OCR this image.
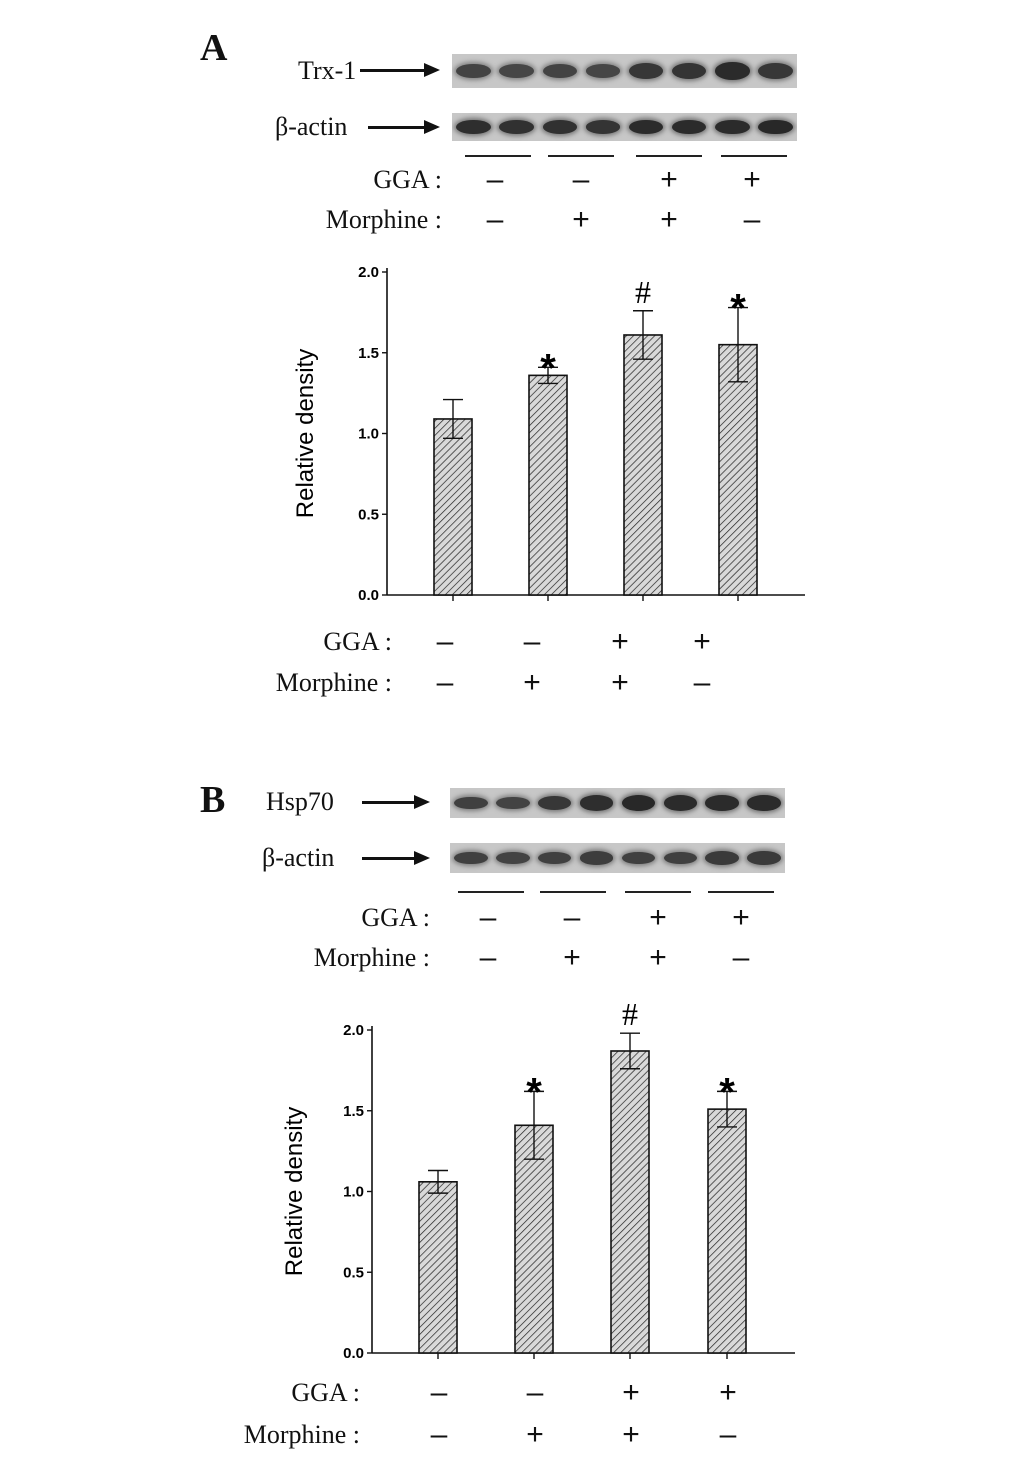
A
Trx-1
β-actin
GGA : – – + +
Morphine : – + + –
0.0
0.5
1.0
1.5
2.0
Relative density	*
# *
GGA : – – + +
Morphine : – + + –
B Hsp70
β-actin
GGA : – – + +
Morphine : – + + –
0.0
0.5
1.0
1.5
2.0
Relative density
*
#
*
GGA : –	–	+	+
Morphine : –	+	+	–
